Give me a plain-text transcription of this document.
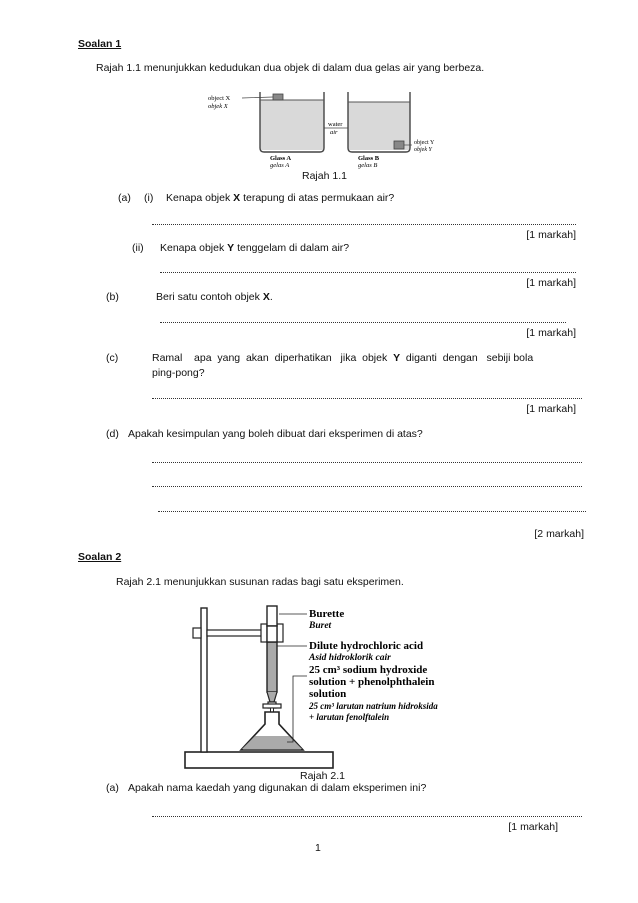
Soalan 1
Rajah 1.1 menunjukkan kedudukan dua objek di dalam dua gelas air yang berbeza.
object X
objek X
water
air
object Y
objek Y
Glass A
gelas A
Glass B
gelas B
Rajah 1.1
(a) (i) Kenapa objek X terapung di atas permukaan air?
[1 markah]
(ii) Kenapa objek Y tenggelam di dalam air?
[1 markah]
(b)	Beri satu contoh objek X.
[1 markah]
(c)	Ramal    apa  yang  akan  diperhatikan   jika  objek  Y  diganti  dengan   sebiji bola
ping-pong?
[1 markah]
(d) Apakah kesimpulan yang boleh dibuat dari eksperimen di atas?
[2 markah]
Soalan 2
Rajah 2.1 menunjukkan susunan radas bagi satu eksperimen.
Burette
Buret
Dilute hydrochloric acid
Asid hidroklorik cair
25 cm³ sodium hydroxide
solution + phenolphthalein
solution
25 cm³ larutan natrium hidroksida
+ larutan fenolftalein
Rajah 2.1
(a) Apakah nama kaedah yang digunakan di dalam eksperimen ini?
[1 markah]
1
